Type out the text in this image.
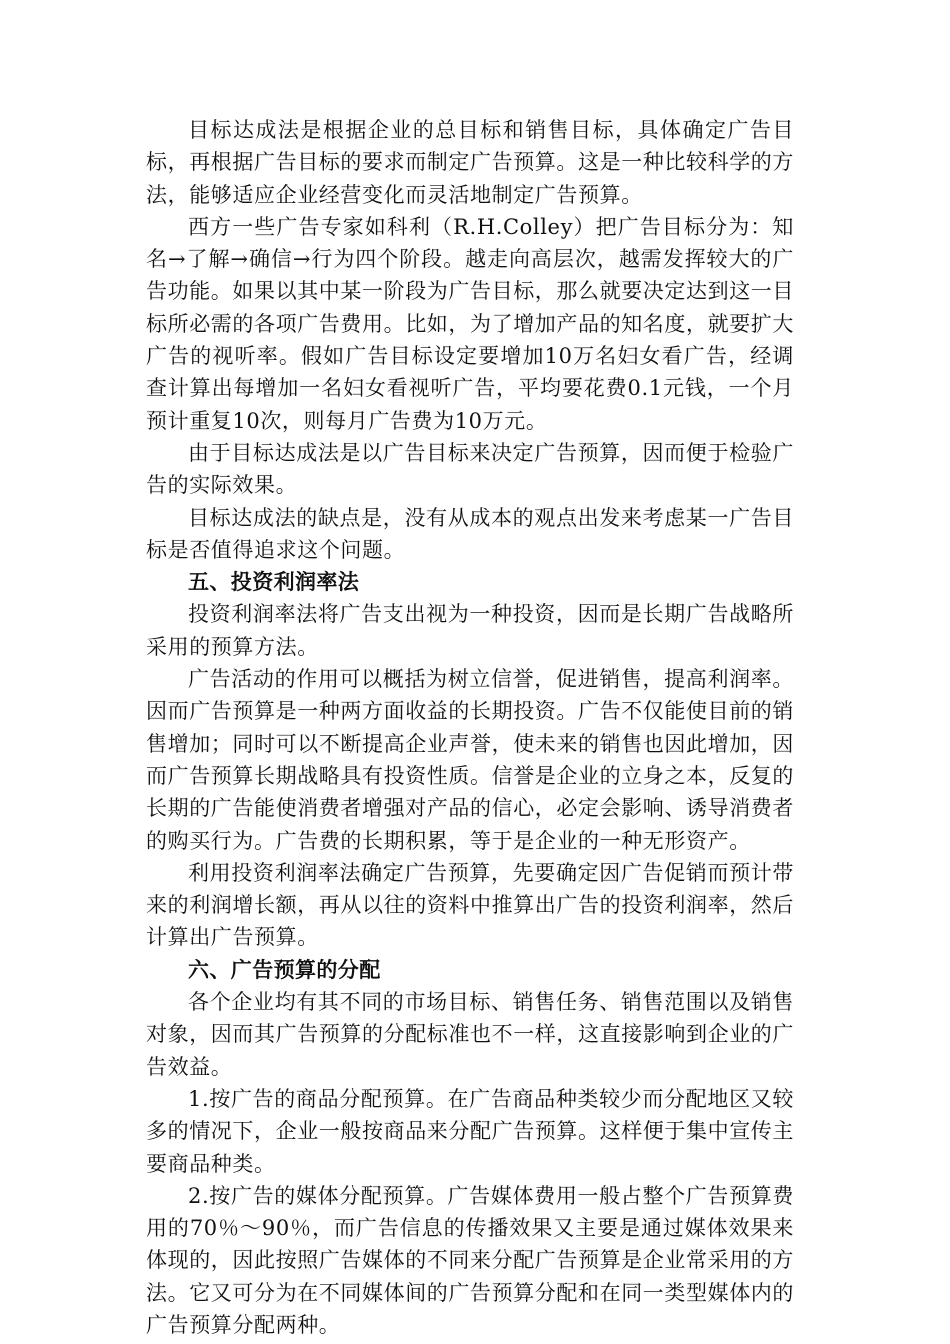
目标达成法是根据企业的总目标和销售目标，具体确定广告目标，再根据广告目标的要求而制定广告预算。这是一种比较科学的方法，能够适应企业经营变化而灵活地制定广告预算。

西方一些广告专家如科利（R.H.Colley）把广告目标分为：知名→了解→确信→行为四个阶段。越走向高层次，越需发挥较大的广告功能。如果以其中某一阶段为广告目标，那么就要决定达到这一目标所必需的各项广告费用。比如，为了增加产品的知名度，就要扩大广告的视听率。假如广告目标设定要增加10万名妇女看广告，经调查计算出每增加一名妇女看视听广告，平均要花费0.1元钱，一个月预计重复10次，则每月广告费为10万元。

由于目标达成法是以广告目标来决定广告预算，因而便于检验广告的实际效果。

目标达成法的缺点是，没有从成本的观点出发来考虑某一广告目标是否值得追求这个问题。

五、投资利润率法

投资利润率法将广告支出视为一种投资，因而是长期广告战略所采用的预算方法。

广告活动的作用可以概括为树立信誉，促进销售，提高利润率。因而广告预算是一种两方面收益的长期投资。广告不仅能使目前的销售增加；同时可以不断提高企业声誉，使未来的销售也因此增加，因而广告预算长期战略具有投资性质。信誉是企业的立身之本，反复的长期的广告能使消费者增强对产品的信心，必定会影响、诱导消费者的购买行为。广告费的长期积累，等于是企业的一种无形资产。

利用投资利润率法确定广告预算，先要确定因广告促销而预计带来的利润增长额，再从以往的资料中推算出广告的投资利润率，然后计算出广告预算。

六、广告预算的分配

各个企业均有其不同的市场目标、销售任务、销售范围以及销售对象，因而其广告预算的分配标准也不一样，这直接影响到企业的广告效益。

1.按广告的商品分配预算。在广告商品种类较少而分配地区又较多的情况下，企业一般按商品来分配广告预算。这样便于集中宣传主要商品种类。

2.按广告的媒体分配预算。广告媒体费用一般占整个广告预算费用的70％～90％，而广告信息的传播效果又主要是通过媒体效果来体现的，因此按照广告媒体的不同来分配广告预算是企业常采用的方法。它又可分为在不同媒体间的广告预算分配和在同一类型媒体内的广告预算分配两种。
